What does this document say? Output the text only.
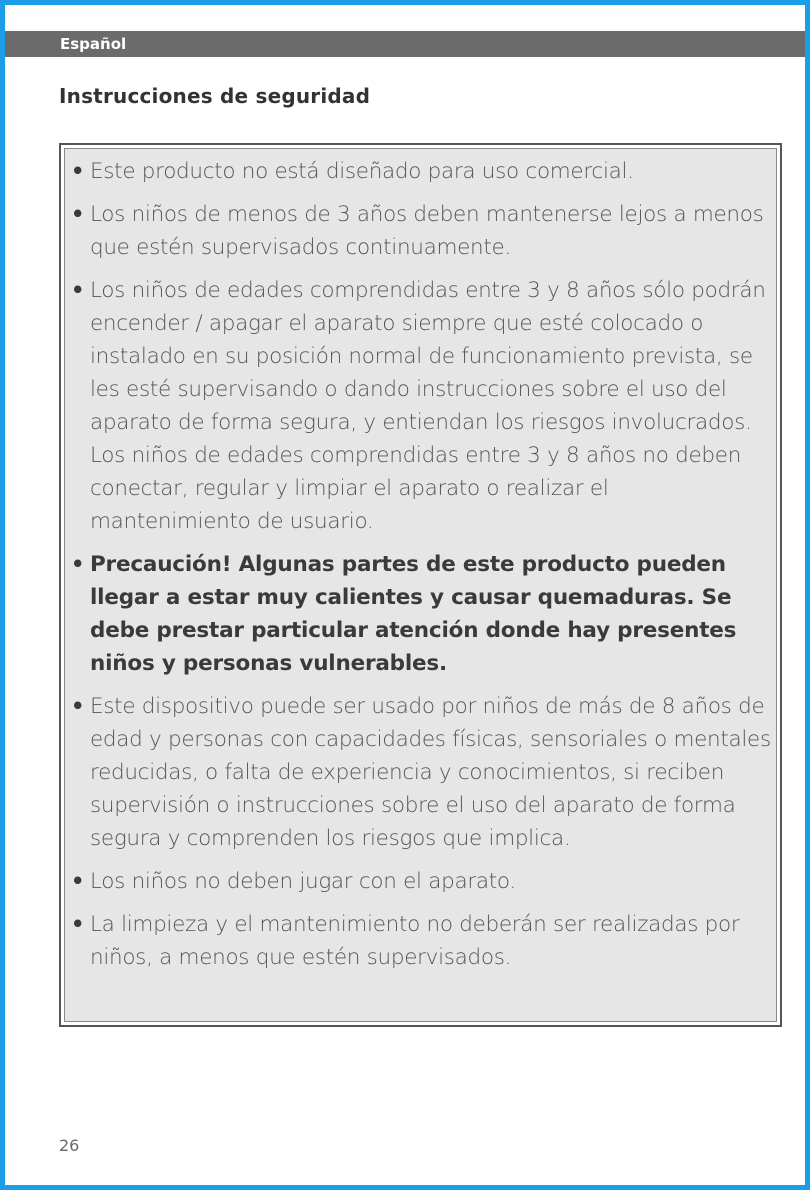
Español
Instrucciones de seguridad
• Este producto no está diseñado para uso comercial.
• Los niños de menos de 3 años deben mantenerse lejos a menos que estén supervisados continuamente.
• Los niños de edades comprendidas entre 3 y 8 años sólo podrán encender / apagar el aparato siempre que esté colocado o instalado en su posición normal de funcionamiento prevista, se les esté supervisando o dando instrucciones sobre el uso del aparato de forma segura, y entiendan los riesgos involucrados. Los niños de edades comprendidas entre 3 y 8 años no deben conectar, regular y limpiar el aparato o realizar el mantenimiento de usuario.
• Precaución! Algunas partes de este producto pueden llegar a estar muy calientes y causar quemaduras. Se debe prestar particular atención donde hay presentes niños y personas vulnerables.
• Este dispositivo puede ser usado por niños de más de 8 años de edad y personas con capacidades físicas, sensoriales o mentales reducidas, o falta de experiencia y conocimientos, si reciben supervisión o instrucciones sobre el uso del aparato de forma segura y comprenden los riesgos que implica.
• Los niños no deben jugar con el aparato.
• La limpieza y el mantenimiento no deberán ser realizadas por niños, a menos que estén supervisados.
26
